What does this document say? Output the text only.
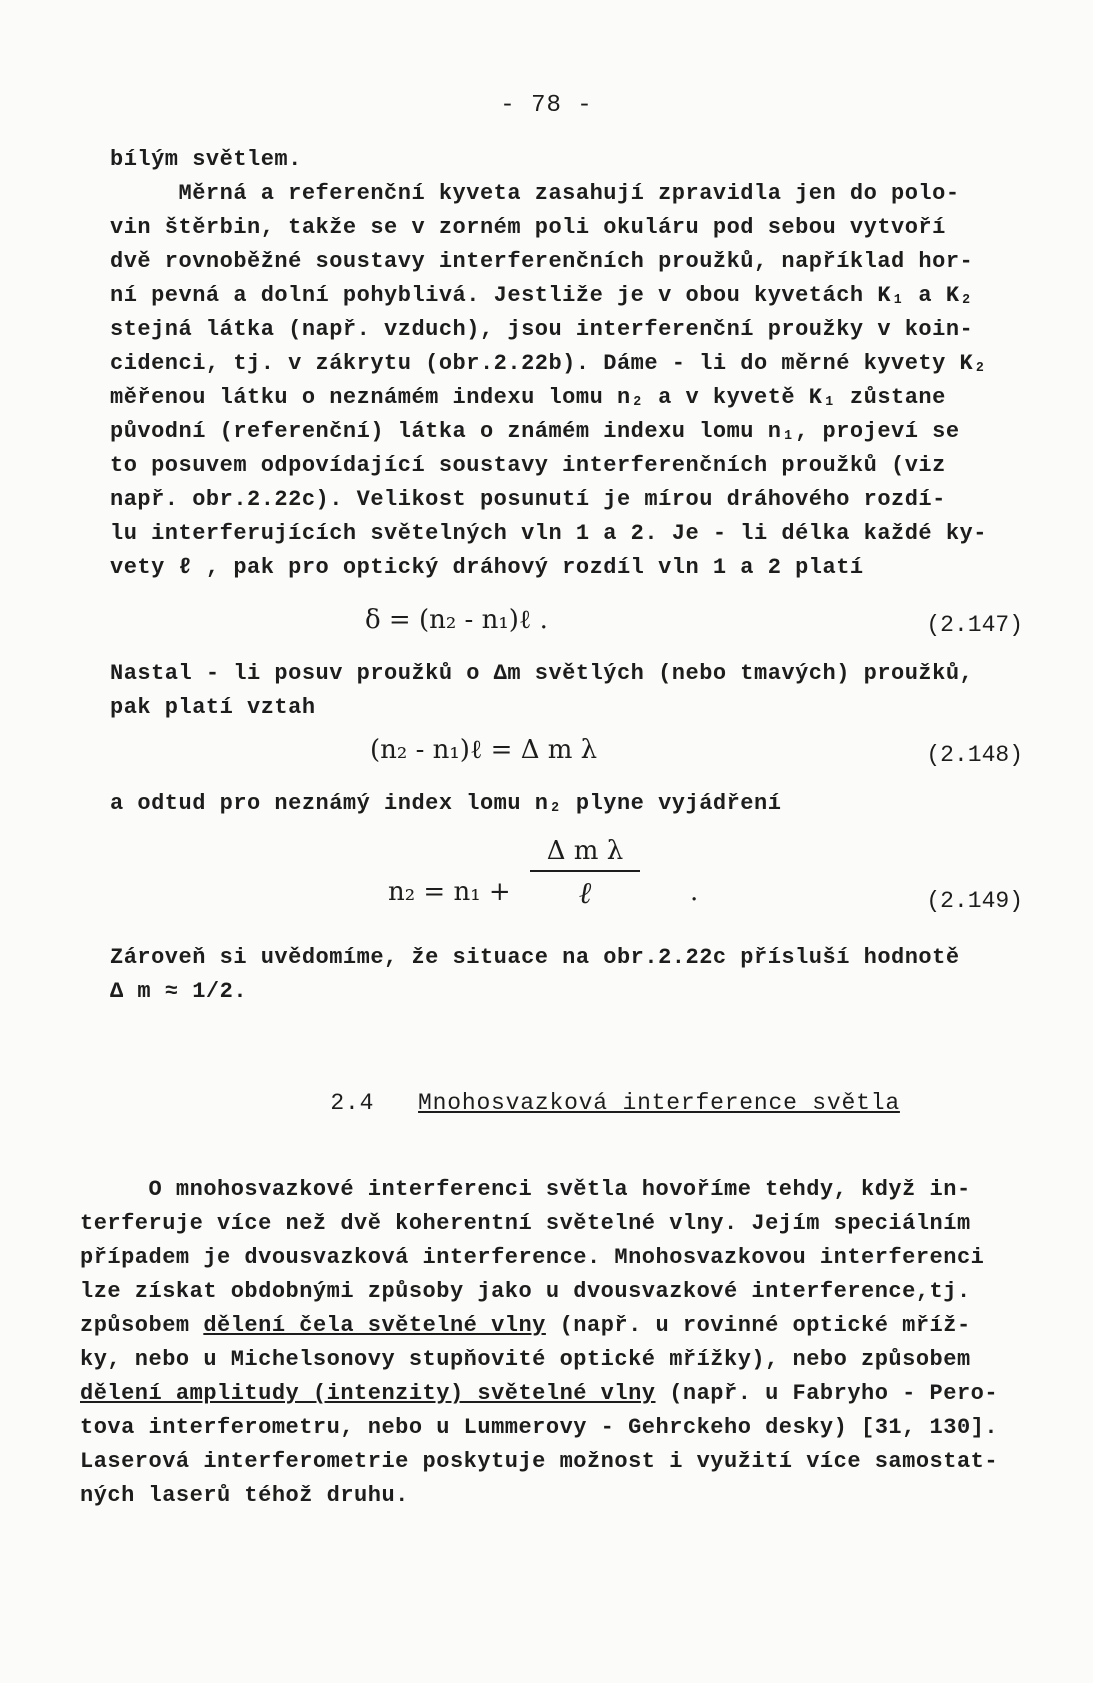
- 78 -
bílým světlem.
Měrná a referenční kyveta zasahují zpravidla jen do polo-
vin štěrbin, takže se v zorném poli okuláru pod sebou vytvoří
dvě rovnoběžné soustavy interferenčních proužků, například hor-
ní pevná a dolní pohyblivá. Jestliže je v obou kyvetách K₁ a K₂
stejná látka (např. vzduch), jsou interferenční proužky v koin-
cidenci, tj. v zákrytu (obr.2.22b). Dáme - li do měrné kyvety K₂
měřenou látku o neznámém indexu lomu n₂ a v kyvetě K₁ zůstane
původní (referenční) látka o známém indexu lomu n₁, projeví se
to posuvem odpovídající soustavy interferenčních proužků (viz
např. obr.2.22c). Velikost posunutí je mírou dráhového rozdí-
lu interferujících světelných vln 1 a 2. Je - li délka každé ky-
vety ℓ , pak pro optický dráhový rozdíl vln 1 a 2 platí
δ = (n₂ - n₁)ℓ .	(2.147)
Nastal - li posuv proužků o Δm světlých (nebo tmavých) proužků,
pak platí vztah
(n₂ - n₁)ℓ = Δ m λ	(2.148)
a odtud pro neznámý index lomu n₂ plyne vyjádření
n₂ = n₁ +
Δ m λ
ℓ	.	(2.149)
Zároveň si uvědomíme, že situace na obr.2.22c přísluší hodnotě
Δ m ≈ 1/2.

2.4 Mnohosvazková interference světla

O mnohosvazkové interferenci světla hovoříme tehdy, když in-
terferuje více než dvě koherentní světelné vlny. Jejím speciálním
případem je dvousvazková interference. Mnohosvazkovou interferenci
lze získat obdobnými způsoby jako u dvousvazkové interference,tj.
způsobem dělení čela světelné vlny (např. u rovinné optické mříž-
ky, nebo u Michelsonovy stupňovité optické mřížky), nebo způsobem
dělení amplitudy (intenzity) světelné vlny (např. u Fabryho - Pero-
tova interferometru, nebo u Lummerovy - Gehrckeho desky) [31, 130].
Laserová interferometrie poskytuje možnost i využití více samostat-
ných laserů téhož druhu.
